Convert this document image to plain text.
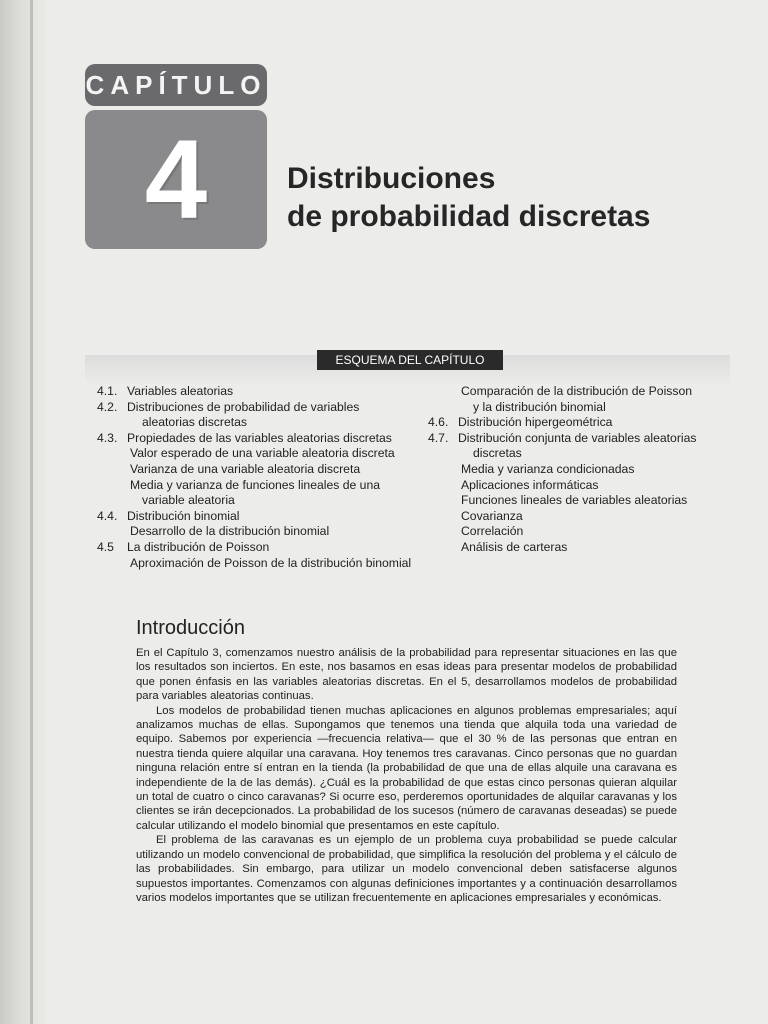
CAPÍTULO
4	Distribuciones
de probabilidad discretas
ESQUEMA DEL CAPÍTULO
4.1. Variables aleatorias
4.2. Distribuciones de probabilidad de variables
aleatorias discretas
4.3. Propiedades de las variables aleatorias discretas
Valor esperado de una variable aleatoria discreta
Varianza de una variable aleatoria discreta
Media y varianza de funciones lineales de una
variable aleatoria
4.4. Distribución binomial
Desarrollo de la distribución binomial
4.5	La distribución de Poisson
Aproximación de Poisson de la distribución binomial
Comparación de la distribución de Poisson
y la distribución binomial
4.6. Distribución hipergeométrica
4.7. Distribución conjunta de variables aleatorias
discretas
Media y varianza condicionadas
Aplicaciones informáticas
Funciones lineales de variables aleatorias
Covarianza
Correlación
Análisis de carteras
Introducción

En el Capítulo 3, comenzamos nuestro análisis de la probabilidad para representar situaciones en las que los resultados son inciertos. En este, nos basamos en esas ideas para presentar modelos de probabilidad que ponen énfasis en las variables aleatorias discretas. En el 5, desarrollamos modelos de probabilidad para variables aleatorias continuas.

Los modelos de probabilidad tienen muchas aplicaciones en algunos problemas empresariales; aquí analizamos muchas de ellas. Supongamos que tenemos una tienda que alquila toda una variedad de equipo. Sabemos por experiencia —frecuencia relativa— que el 30 % de las personas que entran en nuestra tienda quiere alquilar una caravana. Hoy tenemos tres caravanas. Cinco personas que no guardan ninguna relación entre sí entran en la tienda (la probabilidad de que una de ellas alquile una caravana es independiente de la de las demás). ¿Cuál es la probabilidad de que estas cinco personas quieran alquilar un total de cuatro o cinco caravanas? Si ocurre eso, perderemos oportunidades de alquilar caravanas y los clientes se irán decepcionados. La probabilidad de los sucesos (número de caravanas deseadas) se puede calcular utilizando el modelo binomial que presentamos en este capítulo.

El problema de las caravanas es un ejemplo de un problema cuya probabilidad se puede calcular utilizando un modelo convencional de probabilidad, que simplifica la resolución del problema y el cálculo de las probabilidades. Sin embargo, para utilizar un modelo convencional deben satisfacerse algunos supuestos importantes. Comenzamos con algunas definiciones importantes y a continuación desarrollamos varios modelos importantes que se utilizan frecuentemente en aplicaciones empresariales y económicas.
